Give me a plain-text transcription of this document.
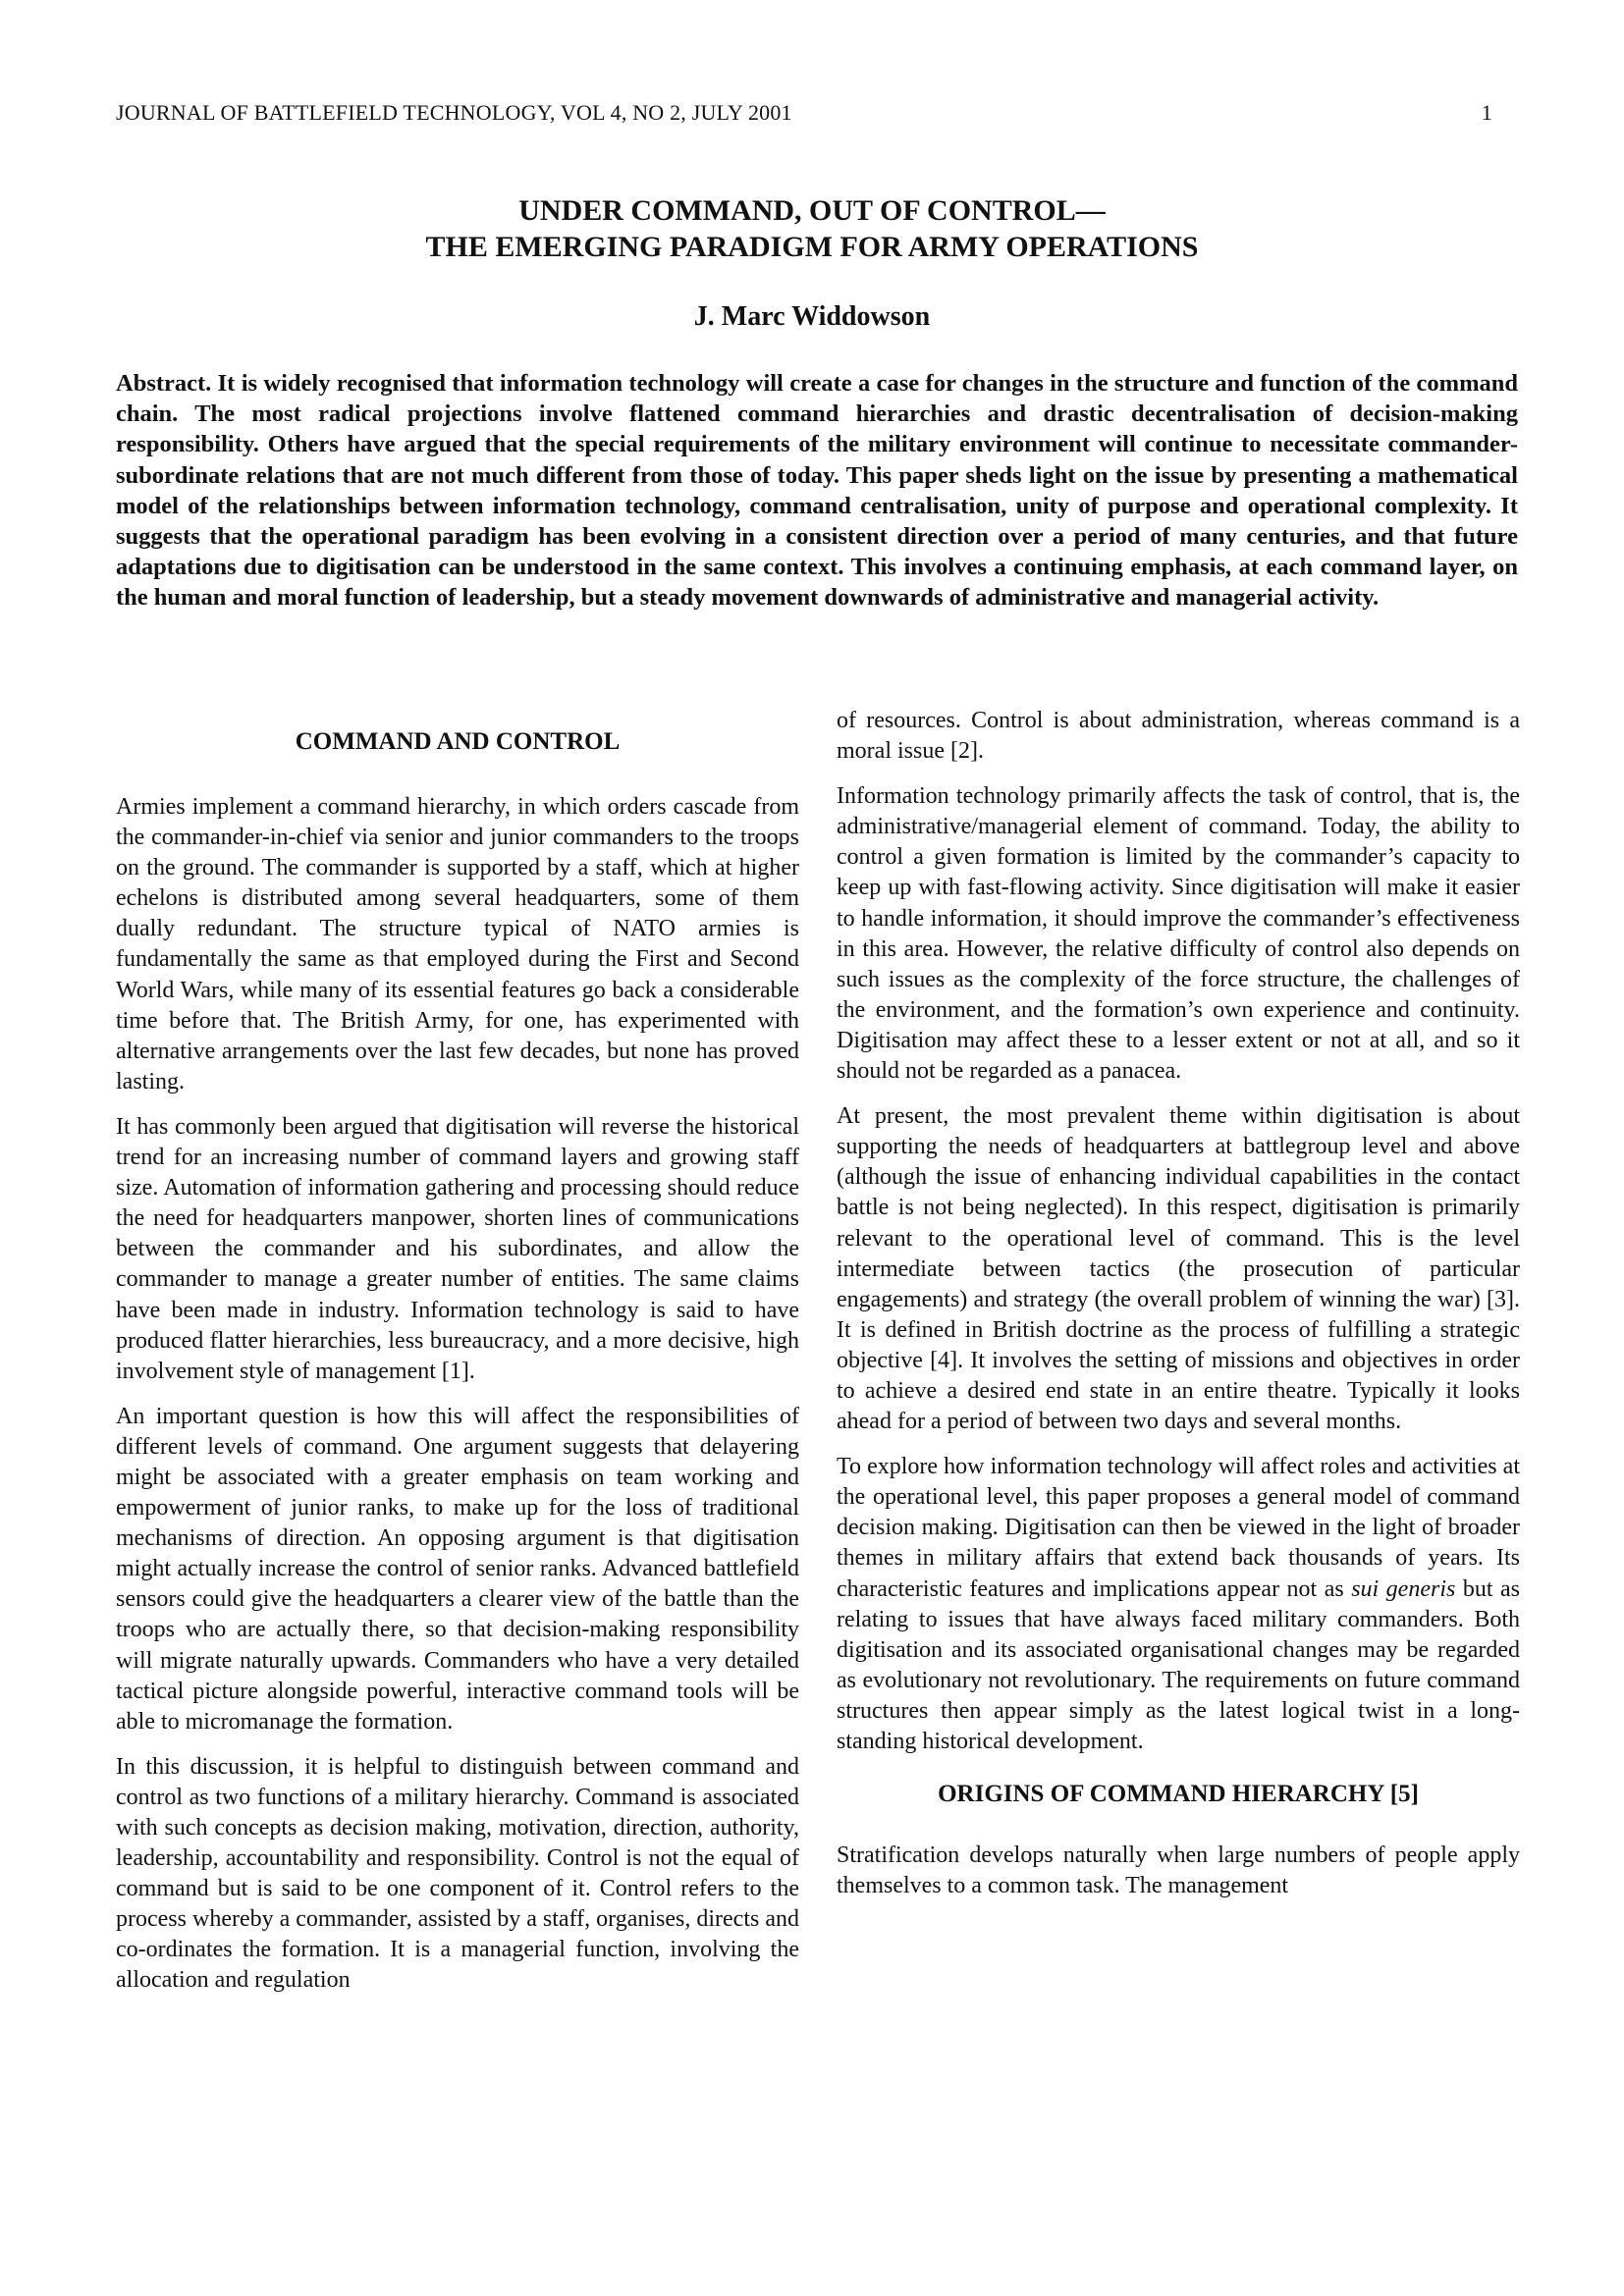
JOURNAL OF BATTLEFIELD TECHNOLOGY, VOL 4, NO 2, JULY 2001	1
UNDER COMMAND, OUT OF CONTROL—
THE EMERGING PARADIGM FOR ARMY OPERATIONS
J. Marc Widdowson

Abstract. It is widely recognised that information technology will create a case for changes in the structure and function of the command chain. The most radical projections involve flattened command hierarchies and drastic decentralisation of decision-making responsibility. Others have argued that the special requirements of the military environment will continue to necessitate commander-subordinate relations that are not much different from those of today. This paper sheds light on the issue by presenting a mathematical model of the relationships between information technology, command centralisation, unity of purpose and operational complexity. It suggests that the operational paradigm has been evolving in a consistent direction over a period of many centuries, and that future adaptations due to digitisation can be understood in the same context. This involves a continuing emphasis, at each command layer, on the human and moral function of leadership, but a steady movement downwards of administrative and managerial activity.

COMMAND AND CONTROL

Armies implement a command hierarchy, in which orders cascade from the commander-in-chief via senior and junior commanders to the troops on the ground. The commander is supported by a staff, which at higher echelons is distributed among several headquarters, some of them dually redundant. The structure typical of NATO armies is fundamentally the same as that employed during the First and Second World Wars, while many of its essential features go back a considerable time before that. The British Army, for one, has experimented with alternative arrangements over the last few decades, but none has proved lasting.

It has commonly been argued that digitisation will reverse the historical trend for an increasing number of command layers and growing staff size. Automation of information gathering and processing should reduce the need for headquarters manpower, shorten lines of communications between the commander and his subordinates, and allow the commander to manage a greater number of entities. The same claims have been made in industry. Information technology is said to have produced flatter hierarchies, less bureaucracy, and a more decisive, high involvement style of management [1].

An important question is how this will affect the responsibilities of different levels of command. One argument suggests that delayering might be associated with a greater emphasis on team working and empowerment of junior ranks, to make up for the loss of traditional mechanisms of direction. An opposing argument is that digitisation might actually increase the control of senior ranks. Advanced battlefield sensors could give the headquarters a clearer view of the battle than the troops who are actually there, so that decision-making responsibility will migrate naturally upwards. Commanders who have a very detailed tactical picture alongside powerful, interactive command tools will be able to micromanage the formation.

In this discussion, it is helpful to distinguish between command and control as two functions of a military hierarchy. Command is associated with such concepts as decision making, motivation, direction, authority, leadership, accountability and responsibility. Control is not the equal of command but is said to be one component of it. Control refers to the process whereby a commander, assisted by a staff, organises, directs and co-ordinates the formation. It is a managerial function, involving the allocation and regulation

of resources. Control is about administration, whereas command is a moral issue [2].

Information technology primarily affects the task of control, that is, the administrative/managerial element of command. Today, the ability to control a given formation is limited by the commander’s capacity to keep up with fast-flowing activity. Since digitisation will make it easier to handle information, it should improve the commander’s effectiveness in this area. However, the relative difficulty of control also depends on such issues as the complexity of the force structure, the challenges of the environment, and the formation’s own experience and continuity. Digitisation may affect these to a lesser extent or not at all, and so it should not be regarded as a panacea.

At present, the most prevalent theme within digitisation is about supporting the needs of headquarters at battlegroup level and above (although the issue of enhancing individual capabilities in the contact battle is not being neglected). In this respect, digitisation is primarily relevant to the operational level of command. This is the level intermediate between tactics (the prosecution of particular engagements) and strategy (the overall problem of winning the war) [3]. It is defined in British doctrine as the process of fulfilling a strategic objective [4]. It involves the setting of missions and objectives in order to achieve a desired end state in an entire theatre. Typically it looks ahead for a period of between two days and several months.

To explore how information technology will affect roles and activities at the operational level, this paper proposes a general model of command decision making. Digitisation can then be viewed in the light of broader themes in military affairs that extend back thousands of years. Its characteristic features and implications appear not as sui generis but as relating to issues that have always faced military commanders. Both digitisation and its associated organisational changes may be regarded as evolutionary not revolutionary. The requirements on future command structures then appear simply as the latest logical twist in a long-standing historical development.

ORIGINS OF COMMAND HIERARCHY [5]

Stratification develops naturally when large numbers of people apply themselves to a common task. The management
